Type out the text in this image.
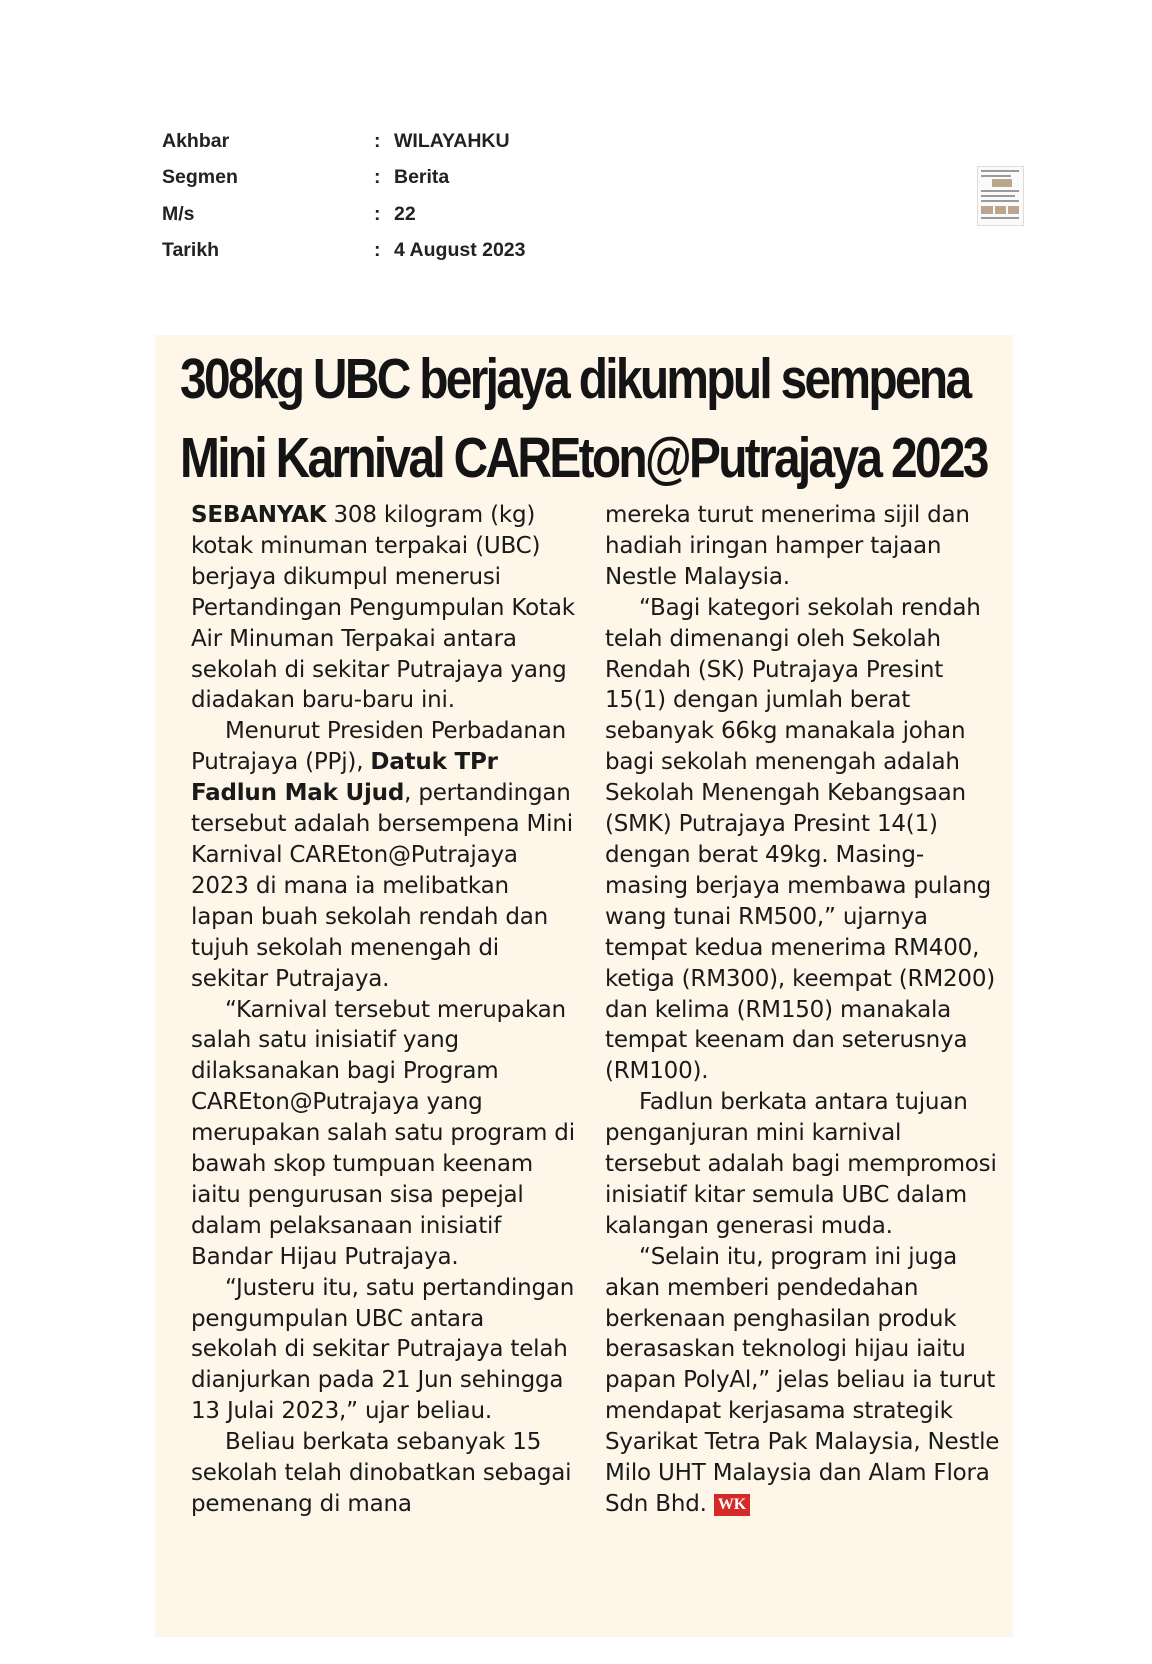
Akhbar	: WILAYAHKU
Segmen	: Berita
M/s	: 22
Tarikh	: 4 August 2023
308kg UBC berjaya dikumpul sempena
Mini Karnival CAREton@Putrajaya 2023

SEBANYAK 308 kilogram (kg) kotak minuman terpakai (UBC) berjaya dikumpul menerusi Pertandingan Pengumpulan Kotak Air Minuman Terpakai antara sekolah di sekitar Putrajaya yang diadakan baru-baru ini.

Menurut Presiden Perbadanan Putrajaya (PPj), Datuk TPr Fadlun Mak Ujud, pertandingan tersebut adalah bersempena Mini Karnival CAREton@Putrajaya 2023 di mana ia melibatkan lapan buah sekolah rendah dan tujuh sekolah menengah di sekitar Putrajaya.

“Karnival tersebut merupakan salah satu inisiatif yang dilaksanakan bagi Program CAREton@Putrajaya yang merupakan salah satu program di bawah skop tumpuan keenam iaitu pengurusan sisa pepejal dalam pelaksanaan inisiatif Bandar Hijau Putrajaya.

“Justeru itu, satu pertandingan pengumpulan UBC antara sekolah di sekitar Putrajaya telah dianjurkan pada 21 Jun sehingga 13 Julai 2023,” ujar beliau.

Beliau berkata sebanyak 15 sekolah telah dinobatkan sebagai pemenang di mana

mereka turut menerima sijil dan hadiah iringan hamper tajaan Nestle Malaysia.

“Bagi kategori sekolah rendah telah dimenangi oleh Sekolah Rendah (SK) Putrajaya Presint 15(1) dengan jumlah berat sebanyak 66kg manakala johan bagi sekolah menengah adalah Sekolah Menengah Kebangsaan (SMK) Putrajaya Presint 14(1) dengan berat 49kg. Masing-masing berjaya membawa pulang wang tunai RM500,” ujarnya tempat kedua menerima RM400, ketiga (RM300), keempat (RM200) dan kelima (RM150) manakala tempat keenam dan seterusnya (RM100).

Fadlun berkata antara tujuan penganjuran mini karnival tersebut adalah bagi mempromosi inisiatif kitar semula UBC dalam kalangan generasi muda.

“Selain itu, program ini juga akan memberi pendedahan berkenaan penghasilan produk berasaskan teknologi hijau iaitu papan PolyAl,” jelas beliau ia turut mendapat kerjasama strategik Syarikat Tetra Pak Malaysia, Nestle Milo UHT Malaysia dan Alam Flora Sdn Bhd. WK
